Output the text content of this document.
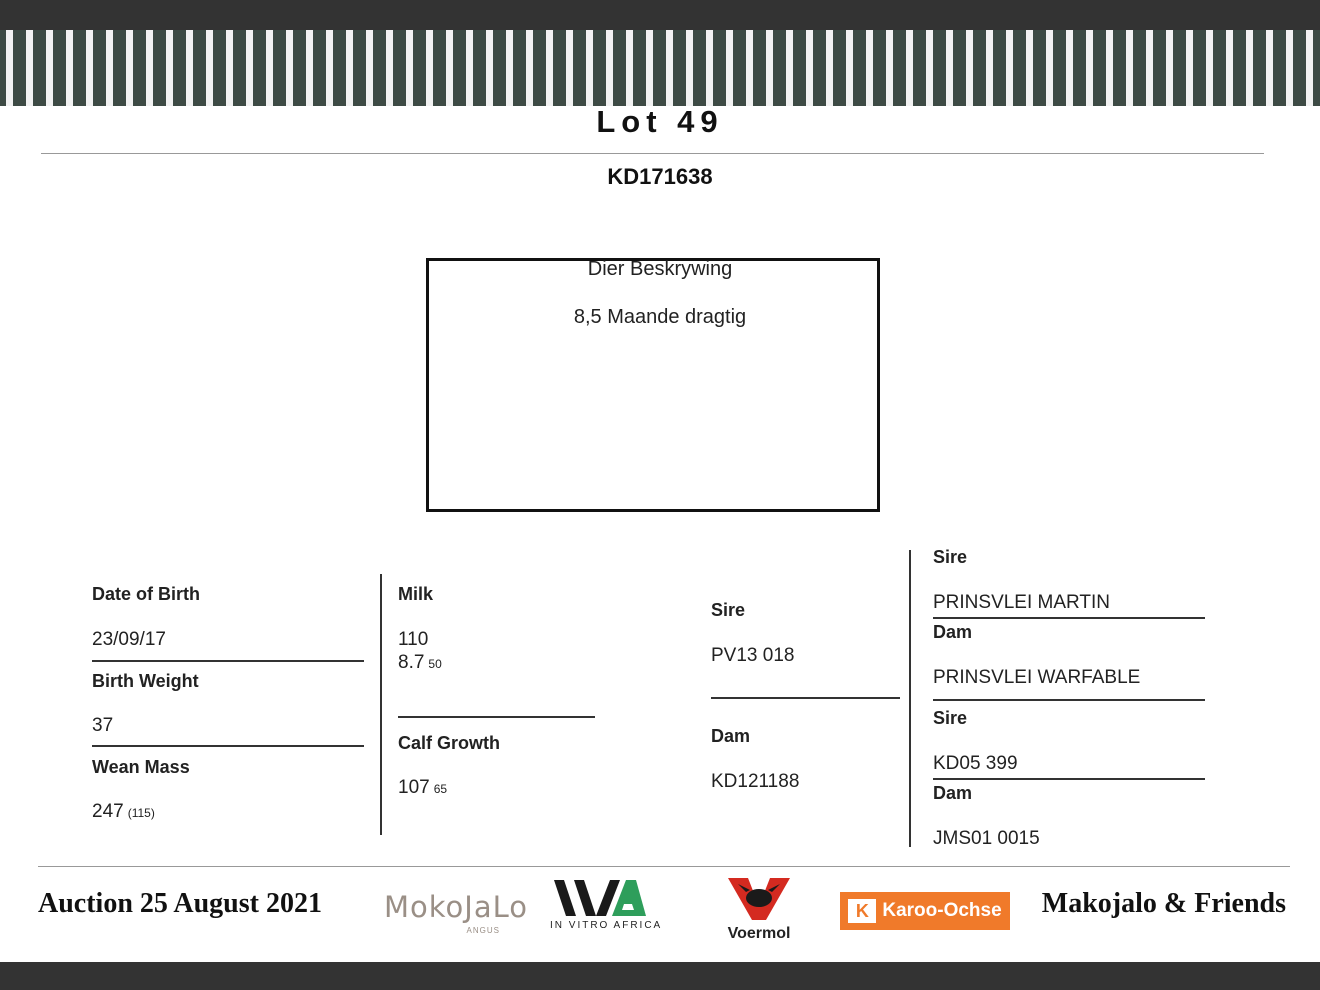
Lot 49
KD171638
Dier Beskrywing
8,5 Maande dragtig
Date of Birth
23/09/17
Birth Weight
37
Wean Mass
247 (115)
Milk
110
8.7 50
Calf Growth
107 65
Sire
PV13 018
Dam
KD121188
Sire
PRINSVLEI MARTIN
Dam
PRINSVLEI WARFABLE
Sire
KD05 399
Dam
JMS01 0015
Auction 25 August 2021 MokoJaLo
ANGUS	IN VITRO AFRICA	Voermol
K Karoo-Ochse Makojalo & Friends
